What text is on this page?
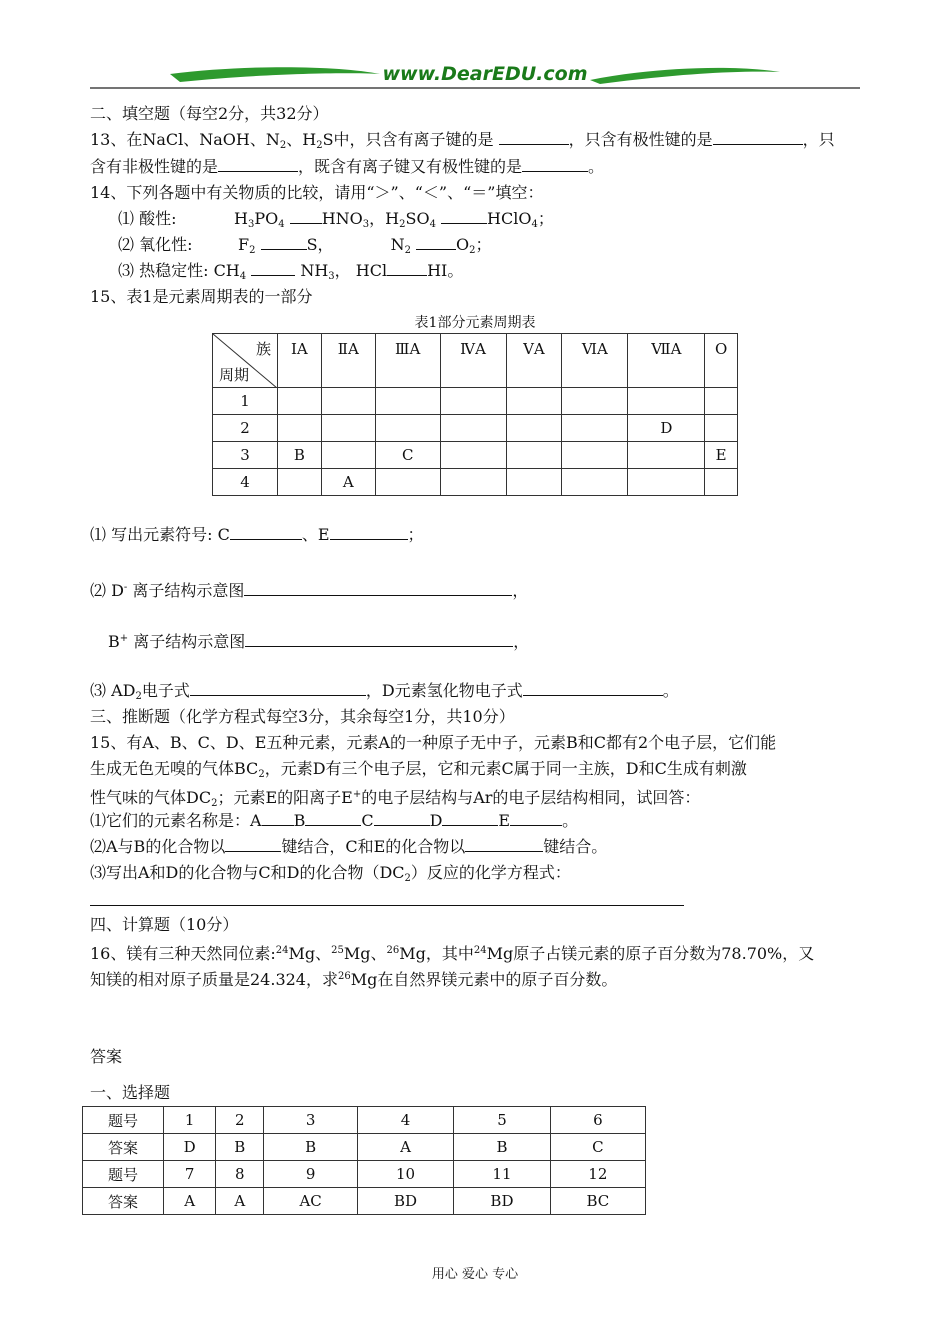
www.DearEDU.com
二、填空题（每空2分，共32分）
13、在NaCl、NaOH、$N_2$、$H_2S$中，只含有离子键的是	，只含有极性键的是	，只
含有非极性键的是	，既含有离子键又有极性键的是	。
14、下列各题中有关物质的比较，请用“＞”、“＜”、“＝”填空：
⑴ 酸性:	$H_3PO_4$ $HNO_3$，$H_2SO_4$	HClO$_4$；
⑵ 氧化性:	$F_2$	S，	$N_2$	$O_2$；
⑶ 热稳定性: $CH_4$	$NH_3$， HCl	HI。
15、表1是元素周期表的一部分
表1部分元素周期表
族
周期	ⅠA	ⅡA	ⅢA	ⅣA	ⅤA	ⅥA	ⅦA	O
1								
2							D	
3	B		C					E
4		A						
⑴ 写出元素符号: C	、E	；
⑵ D- 离子结构示意图	，
B+ 离子结构示意图	，
⑶ $AD_2$电子式	，D元素氢化物电子式	。
三、推断题（化学方程式每空3分，其余每空1分，共10分）
15、有A、B、C、D、E五种元素，元素A的一种原子无中子，元素B和C都有2个电子层，它们能
生成无色无嗅的气体$BC_2$，元素D有三个电子层，它和元素C属于同一主族，D和C生成有刺激
性气味的气体$DC_2$；元素E的阳离子E+的电子层结构与Ar的电子层结构相同，试回答：
⑴它们的元素名称是：A B	C	D	E	。
⑵A与B的化合物以	键结合，C和E的化合物以	键结合。
⑶写出A和D的化合物与C和D的化合物$(DC_2)$反应的化学方程式：
四、计算题（10分）
16、镁有三种天然同位素:$^{24}$Mg、$^{25}$Mg、$^{26}$Mg，其中$^{24}$Mg原子占镁元素的原子百分数为78.70%，又
知镁的相对原子质量是24.324，求$^{26}$Mg在自然界镁元素中的原子百分数。
答案
一、选择题
题号	1	2	3	4	5	6
答案	D	B	B	A	B	C
题号	7	8	9	10	11	12
答案	A	A	AC	BD	BD	BC
用心 爱心 专心
